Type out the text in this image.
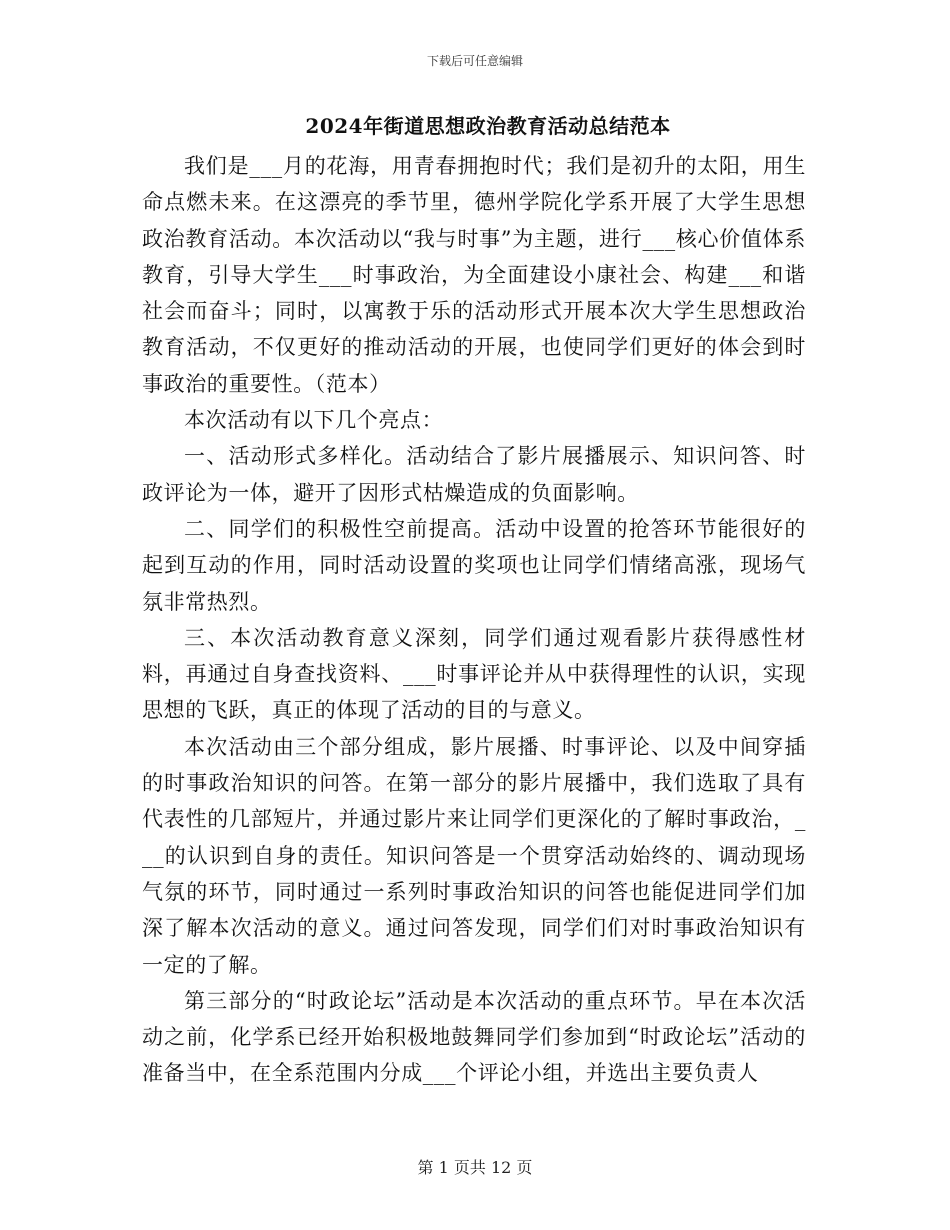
下载后可任意编辑
2024年街道思想政治教育活动总结范本

我们是___月的花海，用青春拥抱时代；我们是初升的太阳，用生命点燃未来。在这漂亮的季节里，德州学院化学系开展了大学生思想政治教育活动。本次活动以“我与时事”为主题，进行___核心价值体系教育，引导大学生___时事政治，为全面建设小康社会、构建___和谐社会而奋斗；同时，以寓教于乐的活动形式开展本次大学生思想政治教育活动，不仅更好的推动活动的开展，也使同学们更好的体会到时事政治的重要性。（范本）

本次活动有以下几个亮点：

一、活动形式多样化。活动结合了影片展播展示、知识问答、时政评论为一体，避开了因形式枯燥造成的负面影响。

二、同学们的积极性空前提高。活动中设置的抢答环节能很好的起到互动的作用，同时活动设置的奖项也让同学们情绪高涨，现场气氛非常热烈。

三、本次活动教育意义深刻，同学们通过观看影片获得感性材料，再通过自身查找资料、___时事评论并从中获得理性的认识，实现思想的飞跃，真正的体现了活动的目的与意义。

本次活动由三个部分组成，影片展播、时事评论、以及中间穿插的时事政治知识的问答。在第一部分的影片展播中，我们选取了具有代表性的几部短片，并通过影片来让同学们更深化的了解时事政治，___的认识到自身的责任。知识问答是一个贯穿活动始终的、调动现场气氛的环节，同时通过一系列时事政治知识的问答也能促进同学们加深了解本次活动的意义。通过问答发现，同学们们对时事政治知识有一定的了解。

第三部分的“时政论坛”活动是本次活动的重点环节。早在本次活动之前，化学系已经开始积极地鼓舞同学们参加到“时政论坛”活动的准备当中，在全系范围内分成___个评论小组，并选出主要负责人

第 1 页共 12 页
